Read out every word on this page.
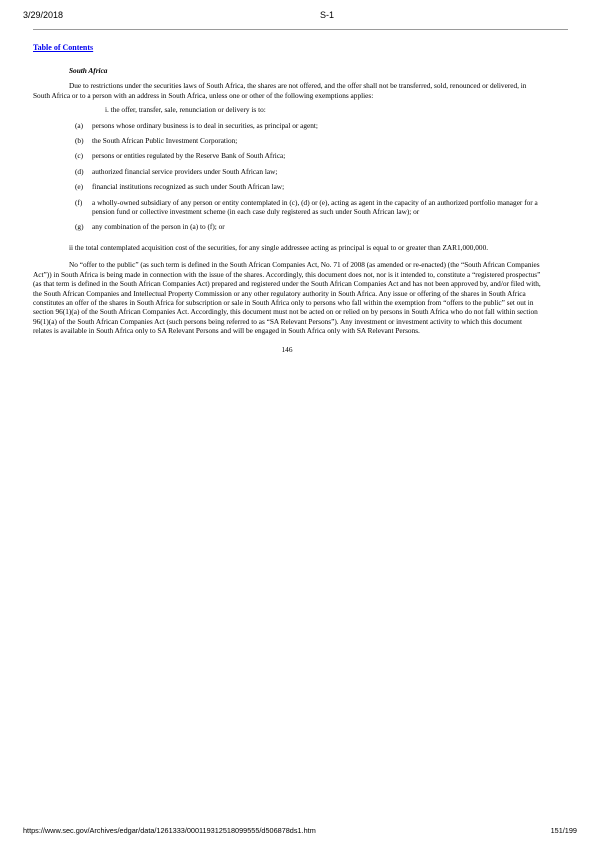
3/29/2018	S-1
Table of Contents
South Africa

Due to restrictions under the securities laws of South Africa, the shares are not offered, and the offer shall not be transferred, sold, renounced or delivered, in South Africa or to a person with an address in South Africa, unless one or other of the following exemptions applies:

i. the offer, transfer, sale, renunciation or delivery is to:
(a)	persons whose ordinary business is to deal in securities, as principal or agent;
(b)	the South African Public Investment Corporation;
(c)	persons or entities regulated by the Reserve Bank of South Africa;
(d)	authorized financial service providers under South African law;
(e)	financial institutions recognized as such under South African law;
(f)	a wholly-owned subsidiary of any person or entity contemplated in (c), (d) or (e), acting as agent in the capacity of an authorized portfolio manager for a pension fund or collective investment scheme (in each case duly registered as such under South African law); or
(g)	any combination of the person in (a) to (f); or

ii the total contemplated acquisition cost of the securities, for any single addressee acting as principal is equal to or greater than ZAR1,000,000.

No “offer to the public” (as such term is defined in the South African Companies Act, No. 71 of 2008 (as amended or re-enacted) (the “South African Companies Act”)) in South Africa is being made in connection with the issue of the shares. Accordingly, this document does not, nor is it intended to, constitute a “registered prospectus” (as that term is defined in the South African Companies Act) prepared and registered under the South African Companies Act and has not been approved by, and/or filed with, the South African Companies and Intellectual Property Commission or any other regulatory authority in South Africa. Any issue or offering of the shares in South Africa constitutes an offer of the shares in South Africa for subscription or sale in South Africa only to persons who fall within the exemption from “offers to the public” set out in section 96(1)(a) of the South African Companies Act. Accordingly, this document must not be acted on or relied on by persons in South Africa who do not fall within section 96(1)(a) of the South African Companies Act (such persons being referred to as “SA Relevant Persons”). Any investment or investment activity to which this document relates is available in South Africa only to SA Relevant Persons and will be engaged in South Africa only with SA Relevant Persons.

146
https://www.sec.gov/Archives/edgar/data/1261333/000119312518099555/d506878ds1.htm	151/199
